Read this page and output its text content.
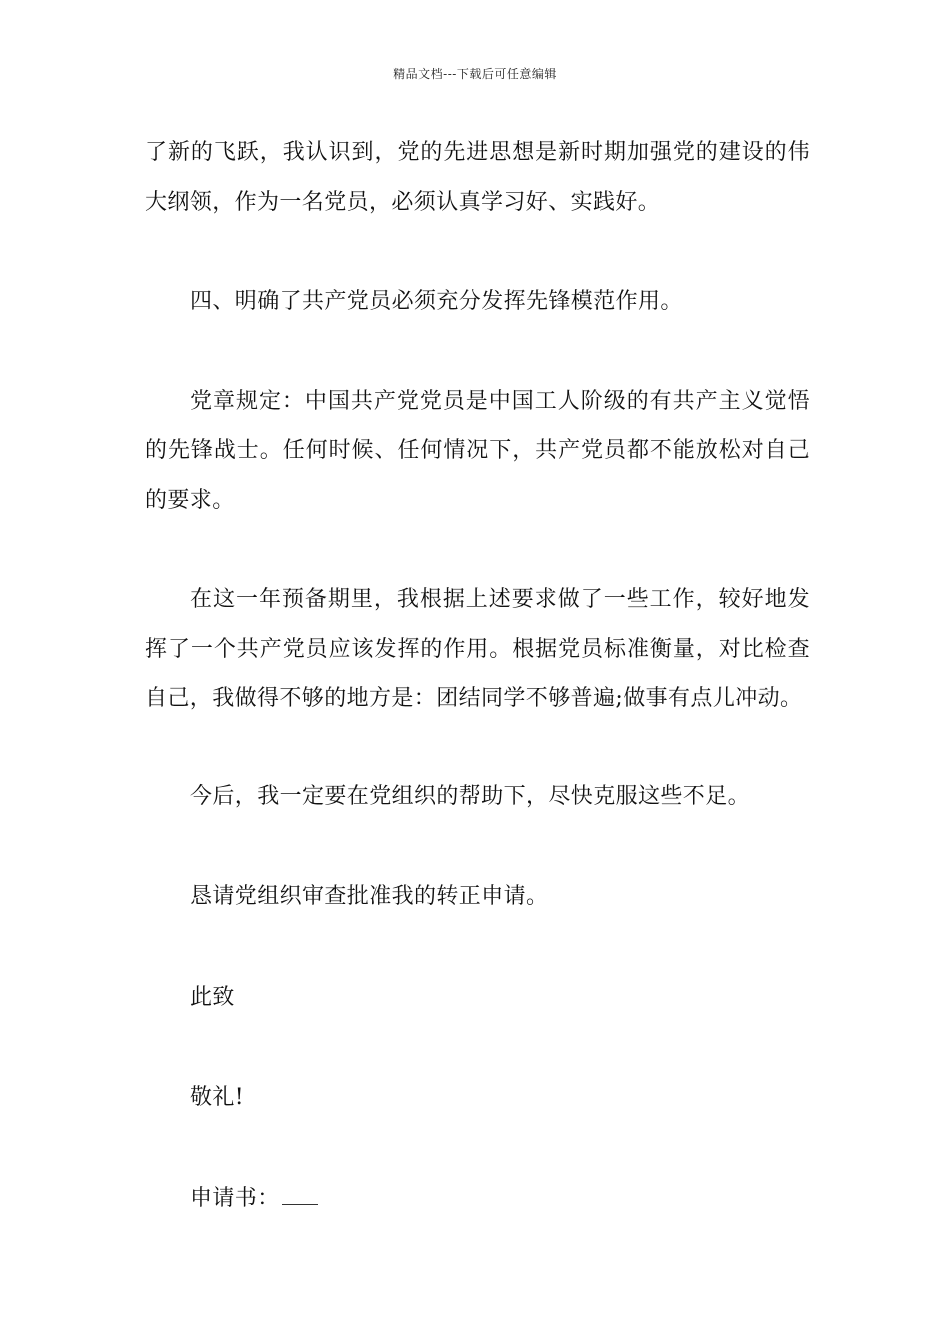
精品文档---下载后可任意编辑

了新的飞跃，我认识到，党的先进思想是新时期加强党的建设的伟大纲领，作为一名党员，必须认真学习好、实践好。

四、明确了共产党员必须充分发挥先锋模范作用。

党章规定：中国共产党党员是中国工人阶级的有共产主义觉悟的先锋战士。任何时候、任何情况下，共产党员都不能放松对自己的要求。

在这一年预备期里，我根据上述要求做了一些工作，较好地发挥了一个共产党员应该发挥的作用。根据党员标准衡量，对比检查自己，我做得不够的地方是：团结同学不够普遍;做事有点儿冲动。

今后，我一定要在党组织的帮助下，尽快克服这些不足。

恳请党组织审查批准我的转正申请。

此致

敬礼!

申请书：
